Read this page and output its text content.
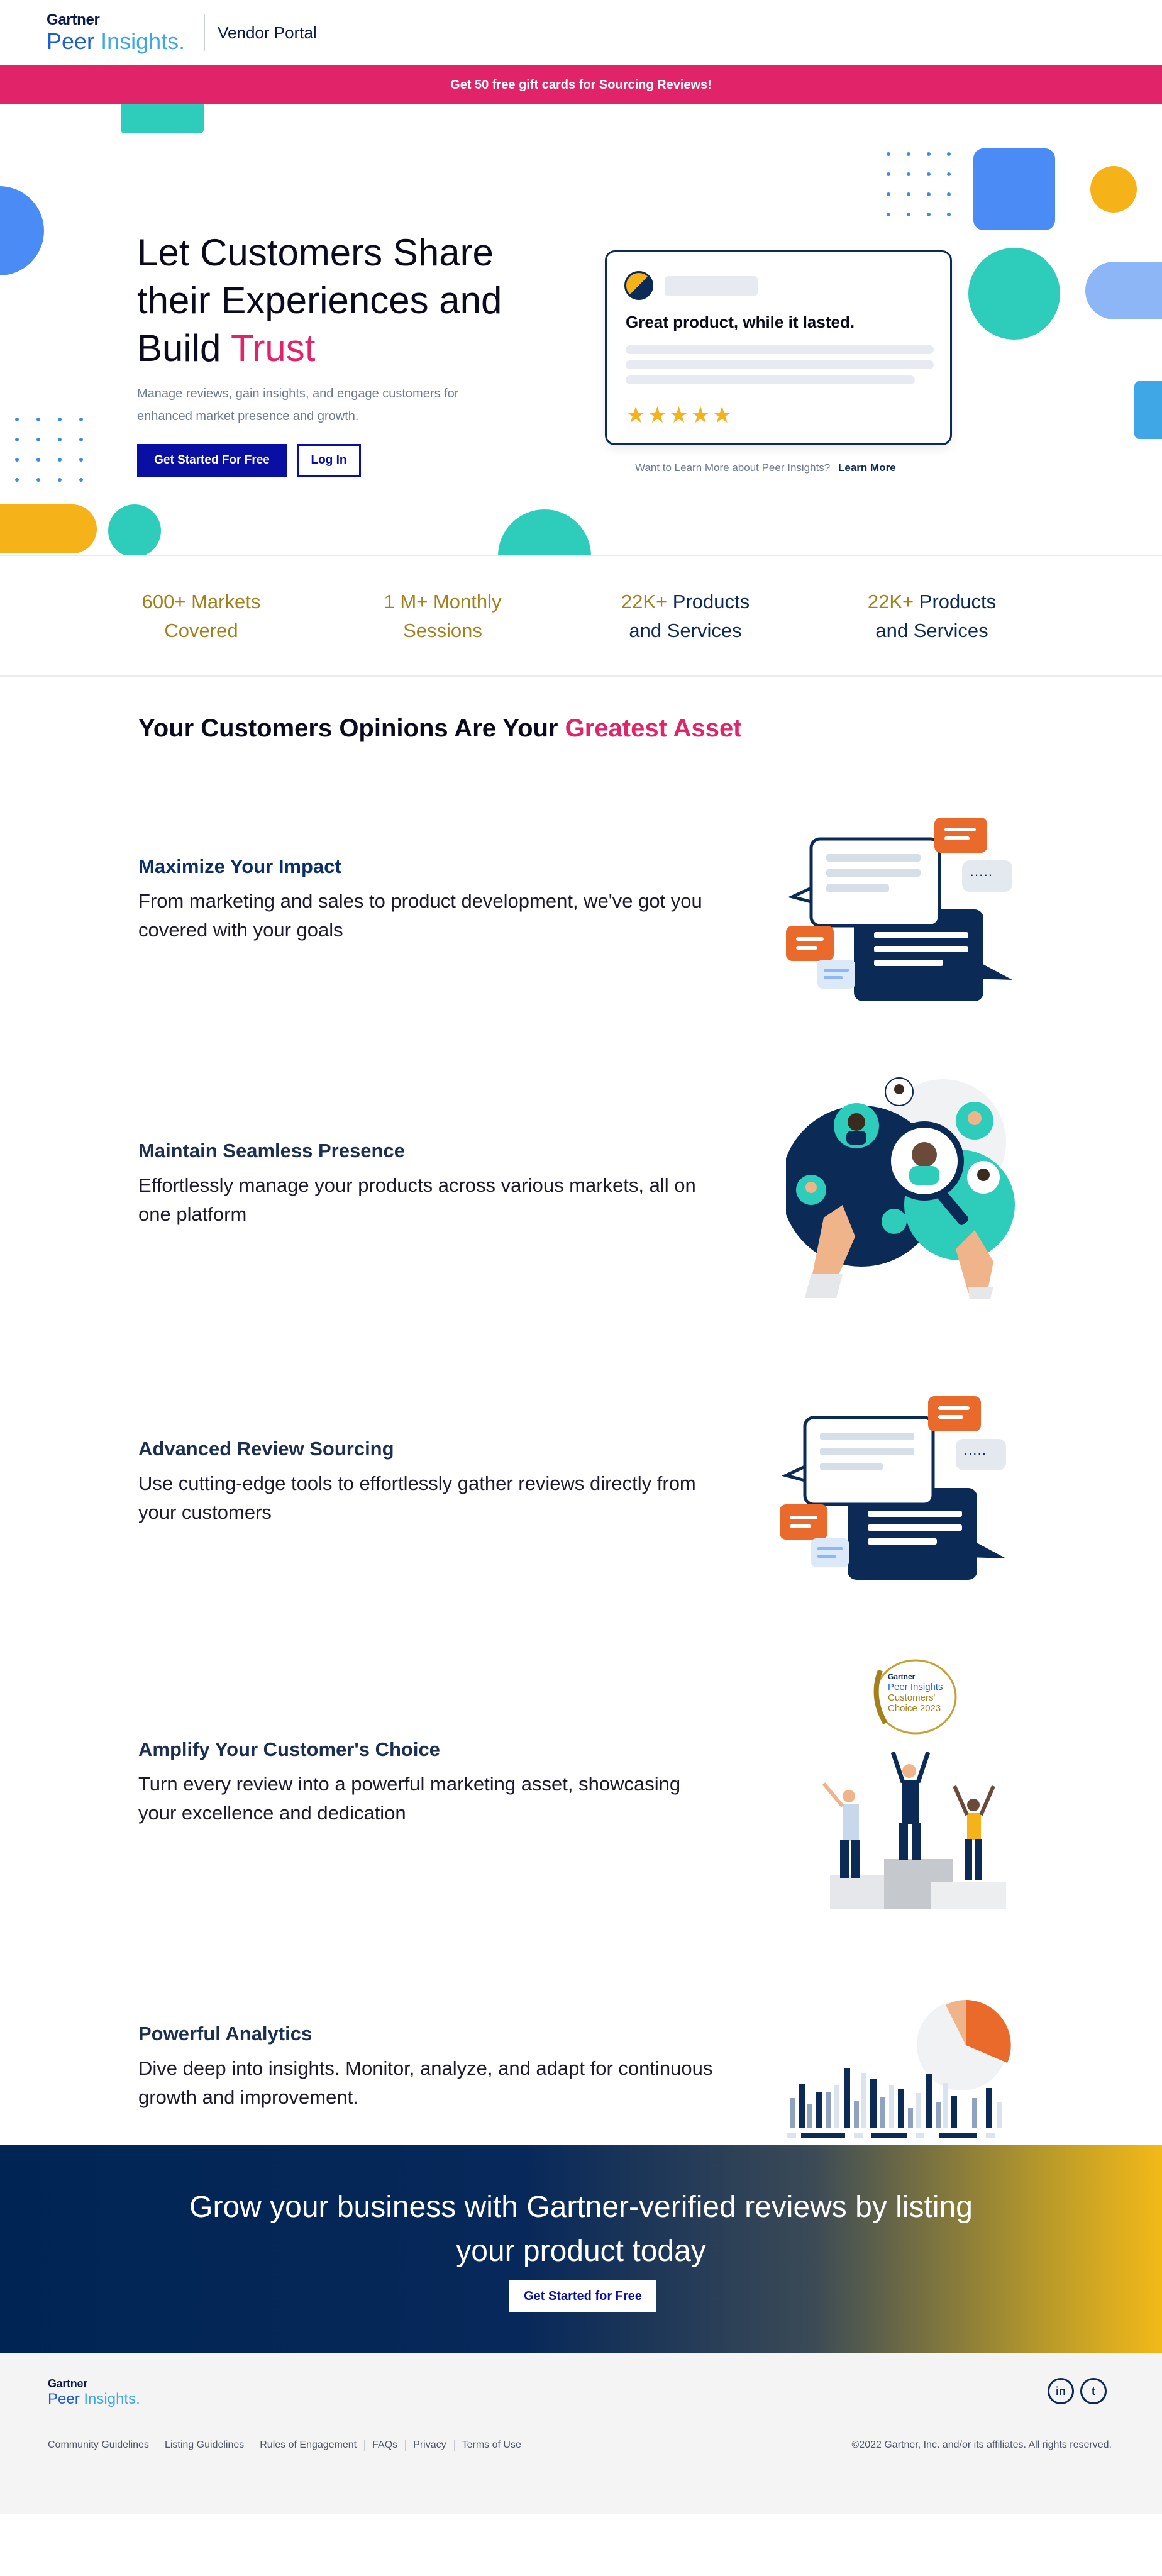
Gartner
Peer Insights. Vendor Portal
Get 50 free gift cards for Sourcing Reviews!
Let Customers Share their Experiences and Build Trust

Manage reviews, gain insights, and engage customers for enhanced market presence and growth.

Get Started For Free	Log In
Great product, while it lasted.
★★★★★
Want to Learn More about Peer Insights? Learn More
600+ Markets
Covered
1 M+ Monthly
Sessions
22K+ Products
and Services
22K+ Products
and Services
Your Customers Opinions Are Your Greatest Asset
Maximize Your Impact

From marketing and sales to product development, we've got you covered with your goals

·····
Maintain Seamless Presence

Effortlessly manage your products across various markets, all on one platform

Advanced Review Sourcing

Use cutting-edge tools to effortlessly gather reviews directly from your customers

·····
Amplify Your Customer's Choice

Turn every review into a powerful marketing asset, showcasing your excellence and dedication

Gartner
Peer Insights
Customers'
Choice 2023
Powerful Analytics

Dive deep into insights. Monitor, analyze, and adapt for continuous growth and improvement.

Grow your business with Gartner-verified reviews by listing your product today
Get Started for Free
Gartner
Peer Insights.	in	t
Community Guidelines	Listing Guidelines	Rules of Engagement	FAQs	Privacy	Terms of Use	©2022 Gartner, Inc. and/or its affiliates. All rights reserved.
